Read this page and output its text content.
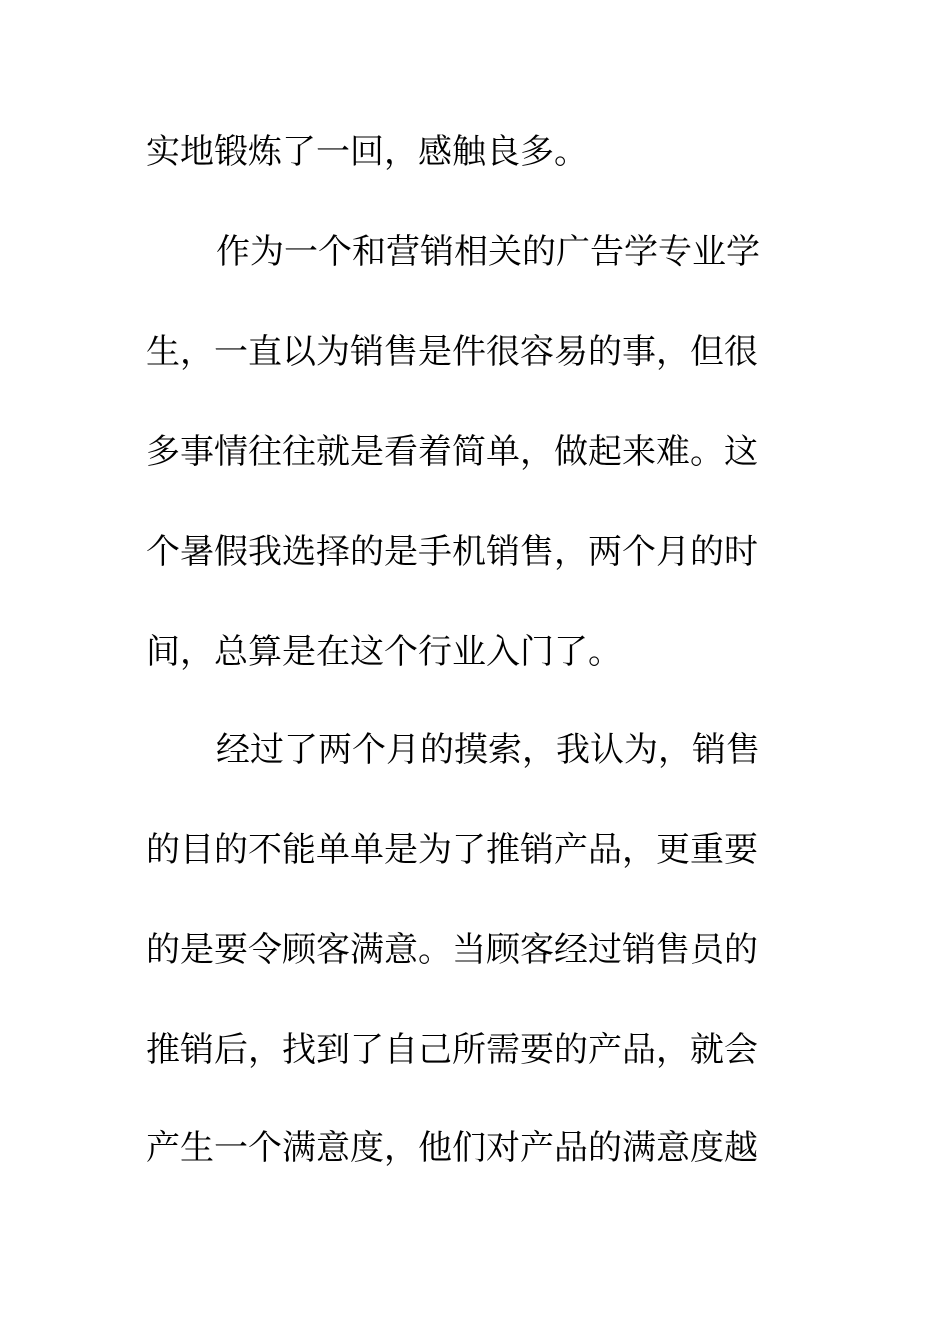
实地锻炼了一回，感触良多。
作为一个和营销相关的广告学专业学
生，一直以为销售是件很容易的事，但很
多事情往往就是看着简单，做起来难。这
个暑假我选择的是手机销售，两个月的时
间，总算是在这个行业入门了。
经过了两个月的摸索，我认为，销售
的目的不能单单是为了推销产品，更重要
的是要令顾客满意。当顾客经过销售员的
推销后，找到了自己所需要的产品，就会
产生一个满意度，他们对产品的满意度越
